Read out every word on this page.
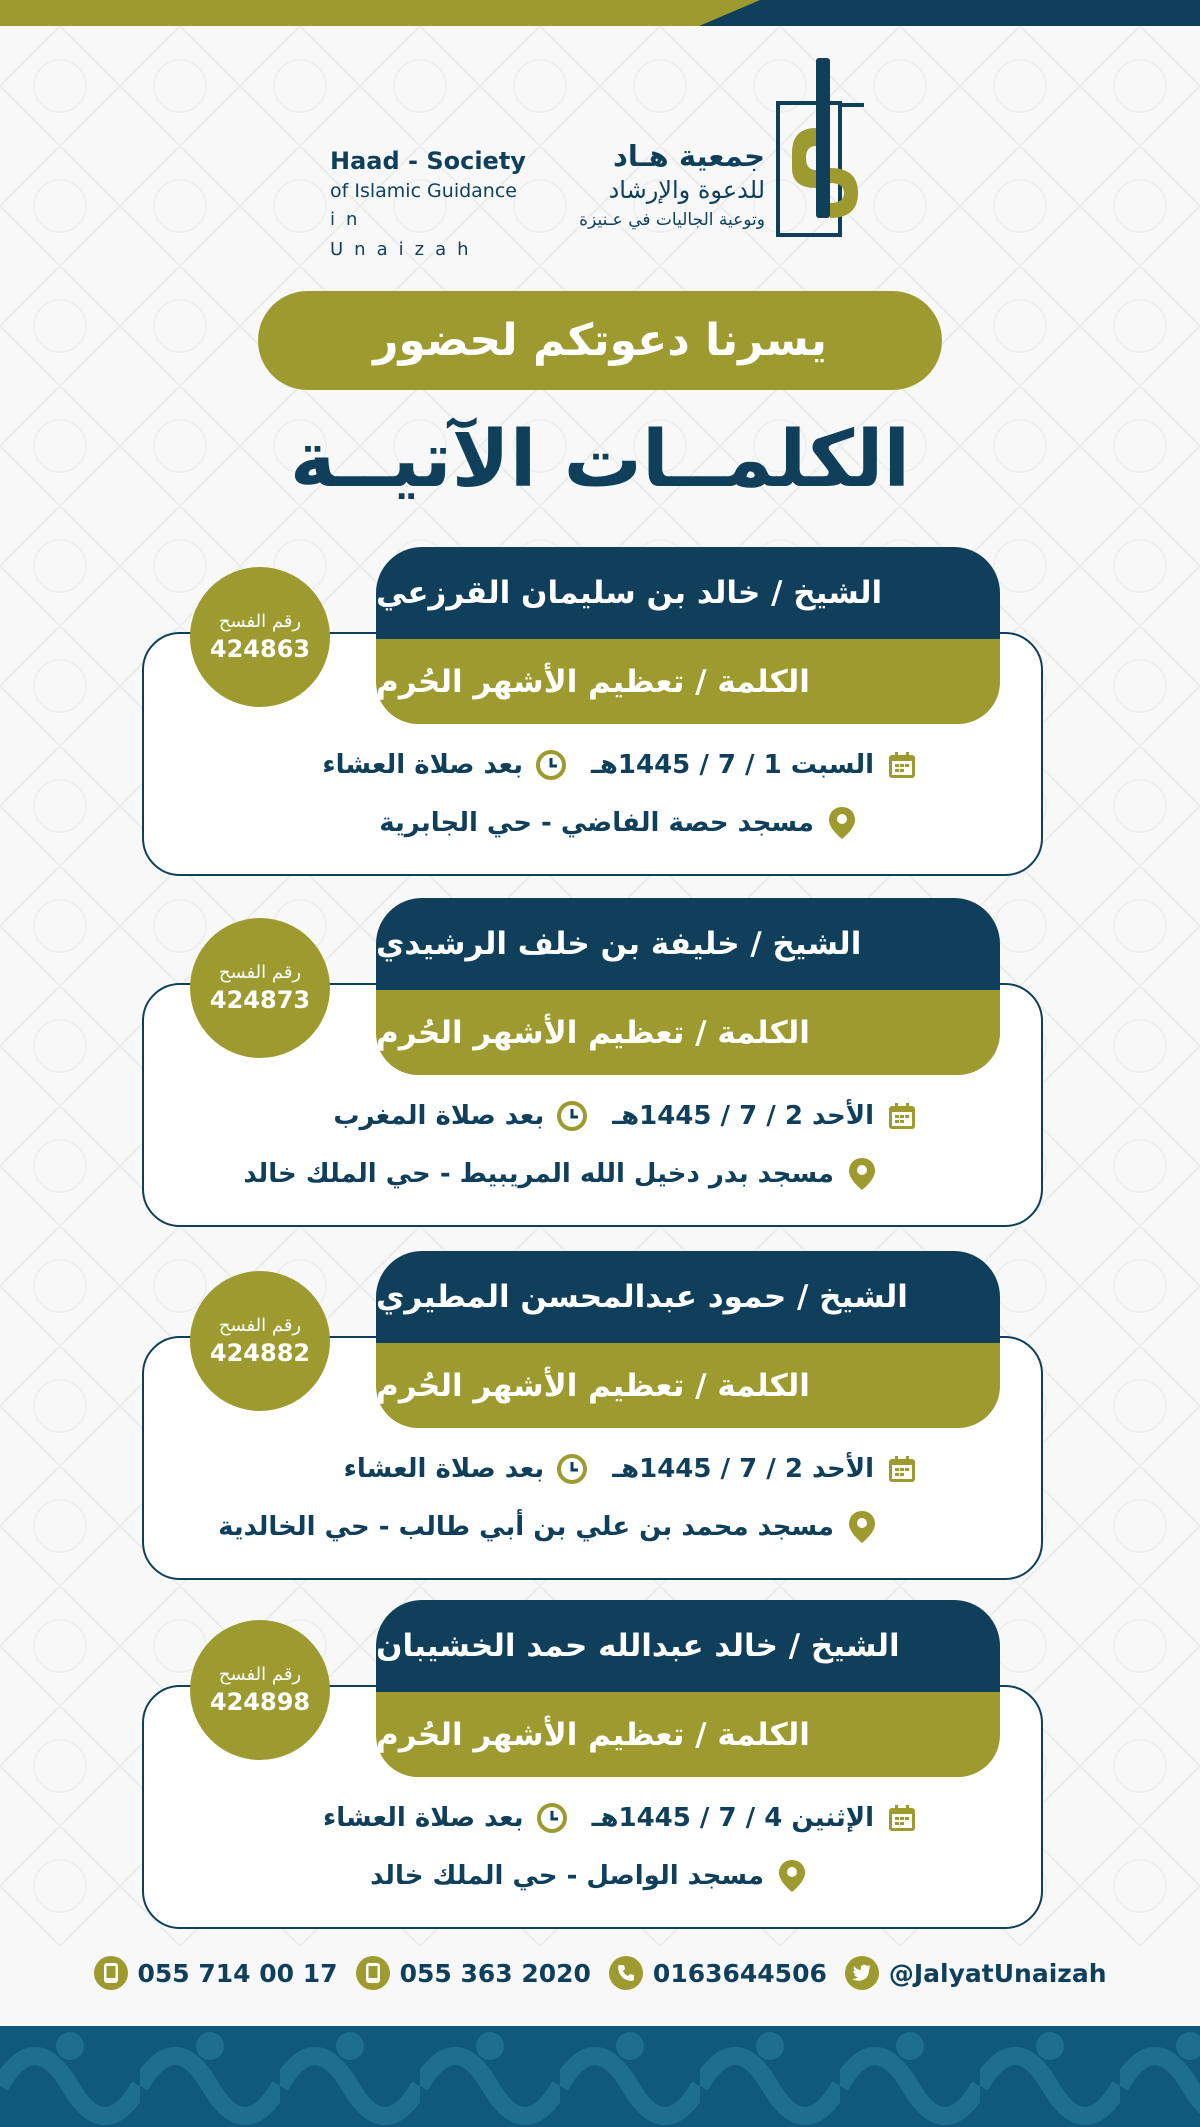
Haad - Society
of Islamic Guidance
in Unaizah
جمعية هـاد
للدعوة والإرشاد
وتوعية الجاليات في عـنيزة
يسرنا دعوتكم لحضور
الكلمــات الآتيــة
الشيخ / خالد بن سليمان القرزعي
الكلمة / تعظيم الأشهر الحُرم
رقم الفسح
424863
السبت 1 / 7 / 1445هـ
بعد صلاة العشاء
مسجد حصة الفاضي - حي الجابرية
الشيخ / خليفة بن خلف الرشيدي
الكلمة / تعظيم الأشهر الحُرم
رقم الفسح
424873
الأحد 2 / 7 / 1445هـ
بعد صلاة المغرب
مسجد بدر دخيل الله المريبيط - حي الملك خالد
الشيخ / حمود عبدالمحسن المطيري
الكلمة / تعظيم الأشهر الحُرم
رقم الفسح
424882
الأحد 2 / 7 / 1445هـ
بعد صلاة العشاء
مسجد محمد بن علي بن أبي طالب - حي الخالدية
الشيخ / خالد عبدالله حمد الخشيبان
الكلمة / تعظيم الأشهر الحُرم
رقم الفسح
424898
الإثنين 4 / 7 / 1445هـ
بعد صلاة العشاء
مسجد الواصل - حي الملك خالد
055 714 00 17 055 363 2020 0163644506 @JalyatUnaizah
